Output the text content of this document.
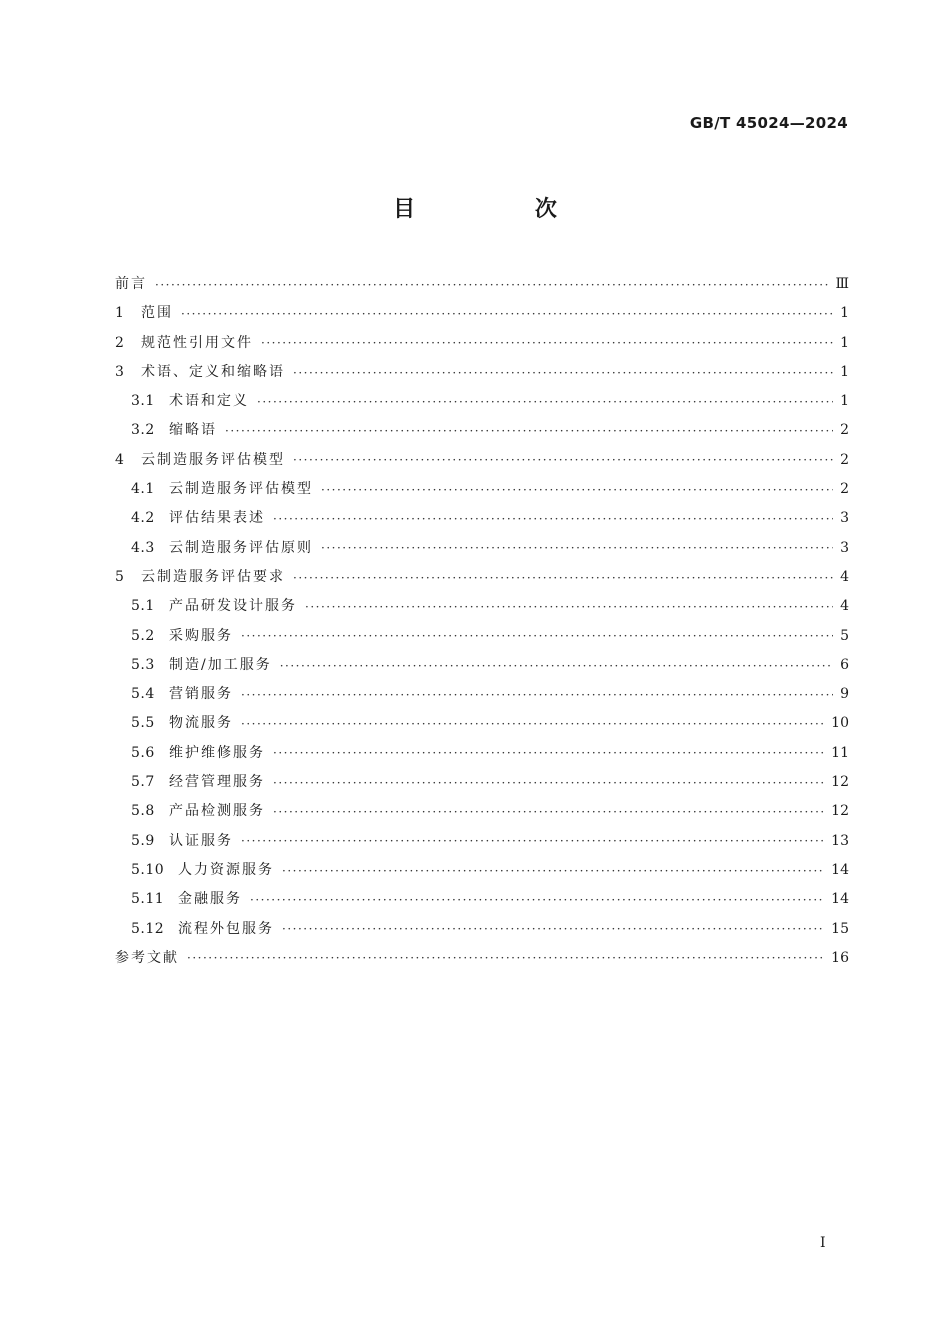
GB/T 45024—2024
目 次
前言 ·····	Ⅲ
1	范围 ·····	1
2	规范性引用文件 ·····	1
3	术语、定义和缩略语 ·····	1
3.1	术语和定义 ·····	1
3.2	缩略语 ·····	2
4	云制造服务评估模型 ·····	2
4.1	云制造服务评估模型 ·····	2
4.2	评估结果表述 ·····	3
4.3	云制造服务评估原则 ·····	3
5	云制造服务评估要求 ·····	4
5.1	产品研发设计服务 ·····	4
5.2	采购服务 ·····	5
5.3	制造/加工服务 ·····	6
5.4	营销服务 ·····	9
5.5	物流服务 ·····	10
5.6	维护维修服务 ·····	11
5.7	经营管理服务 ·····	12
5.8	产品检测服务 ·····	12
5.9	认证服务 ·····	13
5.10 人力资源服务 ·····	14
5.11 金融服务 ·····	14
5.12 流程外包服务 ·····	15
参考文献 ·····	16
I
